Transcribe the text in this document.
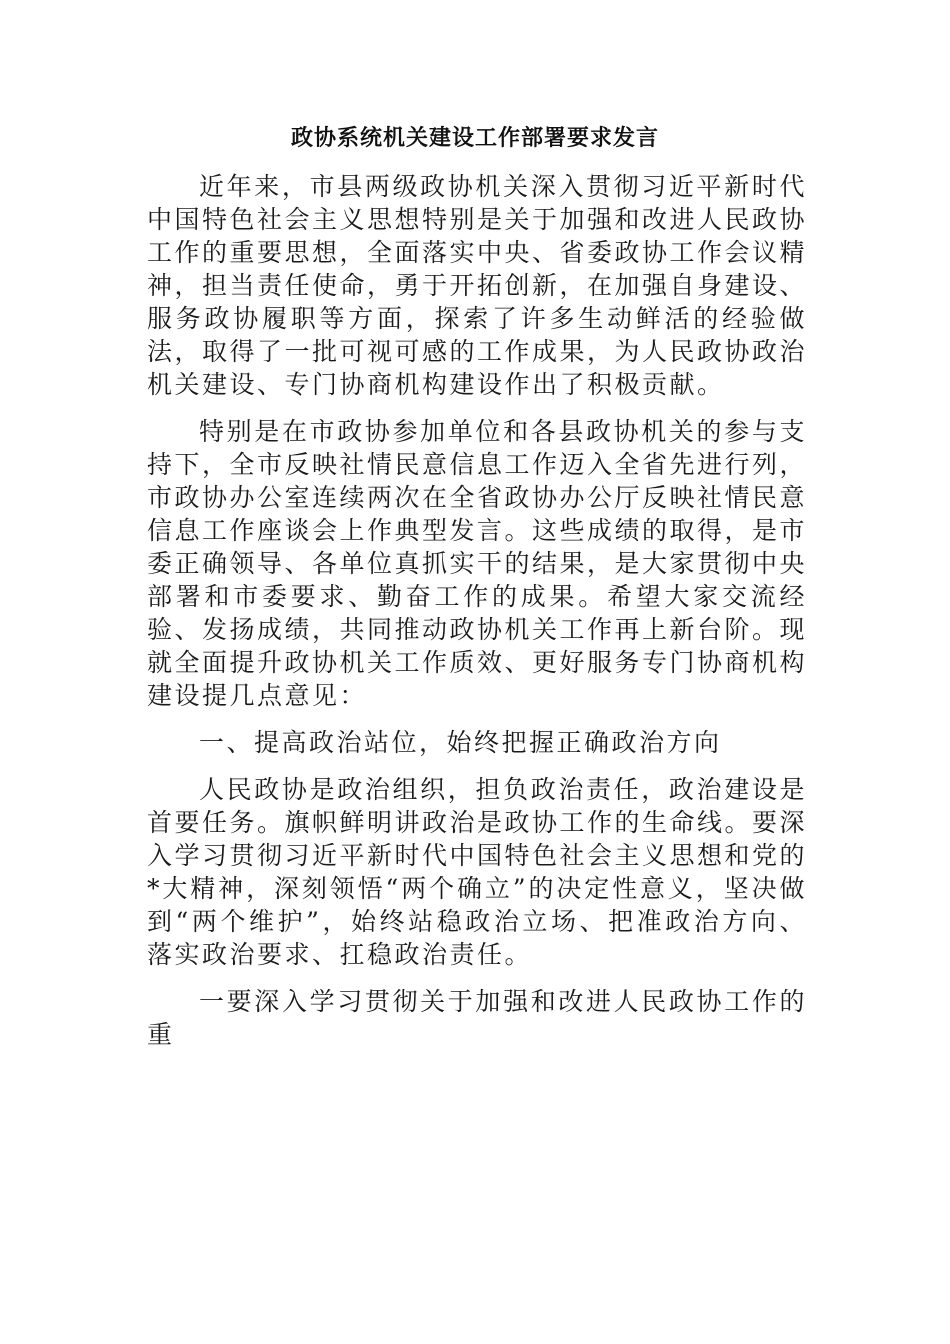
政协系统机关建设工作部署要求发言

近年来，市县两级政协机关深入贯彻习近平新时代中国特色社会主义思想特别是关于加强和改进人民政协工作的重要思想，全面落实中央、省委政协工作会议精神，担当责任使命，勇于开拓创新，在加强自身建设、服务政协履职等方面，探索了许多生动鲜活的经验做法，取得了一批可视可感的工作成果，为人民政协政治机关建设、专门协商机构建设作出了积极贡献。

特别是在市政协参加单位和各县政协机关的参与支持下，全市反映社情民意信息工作迈入全省先进行列，市政协办公室连续两次在全省政协办公厅反映社情民意信息工作座谈会上作典型发言。这些成绩的取得，是市委正确领导、各单位真抓实干的结果，是大家贯彻中央部署和市委要求、勤奋工作的成果。希望大家交流经验、发扬成绩，共同推动政协机关工作再上新台阶。现就全面提升政协机关工作质效、更好服务专门协商机构建设提几点意见：

一、提高政治站位，始终把握正确政治方向

人民政协是政治组织，担负政治责任，政治建设是首要任务。旗帜鲜明讲政治是政协工作的生命线。要深入学习贯彻习近平新时代中国特色社会主义思想和党的*大精神，深刻领悟“两个确立”的决定性意义，坚决做到“两个维护”，始终站稳政治立场、把准政治方向、落实政治要求、扛稳政治责任。

一要深入学习贯彻关于加强和改进人民政协工作的重
